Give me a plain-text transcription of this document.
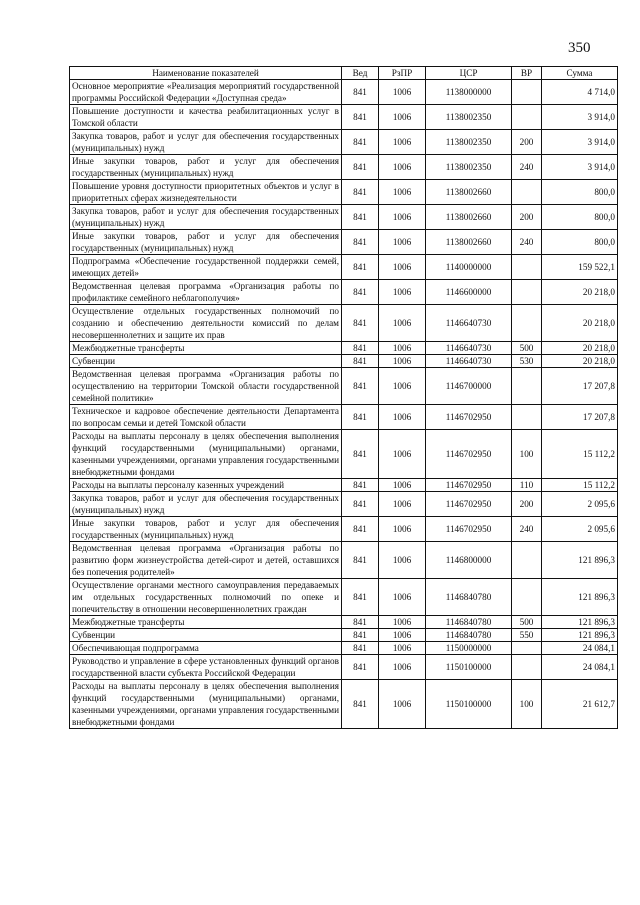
350
Наименование показателей	Вед	РзПР	ЦСР	ВР	Сумма
Основное мероприятие «Реализация мероприятий государственной программы Российской Федерации «Доступная среда»	841	1006	1138000000		4 714,0
Повышение доступности и качества реабилитационных услуг в Томской области	841	1006	1138002350		3 914,0
Закупка товаров, работ и услуг для обеспечения государственных (муниципальных) нужд	841	1006	1138002350	200	3 914,0
Иные закупки товаров, работ и услуг для обеспечения государственных (муниципальных) нужд	841	1006	1138002350	240	3 914,0
Повышение уровня доступности приоритетных объектов и услуг в приоритетных сферах жизнедеятельности	841	1006	1138002660		800,0
Закупка товаров, работ и услуг для обеспечения государственных (муниципальных) нужд	841	1006	1138002660	200	800,0
Иные закупки товаров, работ и услуг для обеспечения государственных (муниципальных) нужд	841	1006	1138002660	240	800,0
Подпрограмма «Обеспечение государственной поддержки семей, имеющих детей»	841	1006	1140000000		159 522,1
Ведомственная целевая программа «Организация работы по профилактике семейного неблагополучия»	841	1006	1146600000		20 218,0
Осуществление отдельных государственных полномочий по созданию и обеспечению деятельности комиссий по делам несовершеннолетних и защите их прав	841	1006	1146640730		20 218,0
Межбюджетные трансферты	841	1006	1146640730	500	20 218,0
Субвенции	841	1006	1146640730	530	20 218,0
Ведомственная целевая программа «Организация работы по осуществлению на территории Томской области государственной семейной политики»	841	1006	1146700000		17 207,8
Техническое и кадровое обеспечение деятельности Департамента по вопросам семьи и детей Томской области	841	1006	1146702950		17 207,8
Расходы на выплаты персоналу в целях обеспечения выполнения функций государственными (муниципальными) органами, казенными учреждениями, органами управления государственными внебюджетными фондами	841	1006	1146702950	100	15 112,2
Расходы на выплаты персоналу казенных учреждений	841	1006	1146702950	110	15 112,2
Закупка товаров, работ и услуг для обеспечения государственных (муниципальных) нужд	841	1006	1146702950	200	2 095,6
Иные закупки товаров, работ и услуг для обеспечения государственных (муниципальных) нужд	841	1006	1146702950	240	2 095,6
Ведомственная целевая программа «Организация работы по развитию форм жизнеустройства детей-сирот и детей, оставшихся без попечения родителей»	841	1006	1146800000		121 896,3
Осуществление органами местного самоуправления передаваемых им отдельных государственных полномочий по опеке и попечительству в отношении несовершеннолетних граждан	841	1006	1146840780		121 896,3
Межбюджетные трансферты	841	1006	1146840780	500	121 896,3
Субвенции	841	1006	1146840780	550	121 896,3
Обеспечивающая подпрограмма	841	1006	1150000000		24 084,1
Руководство и управление в сфере установленных функций органов государственной власти субъекта Российской Федерации	841	1006	1150100000		24 084,1
Расходы на выплаты персоналу в целях обеспечения выполнения функций государственными (муниципальными) органами, казенными учреждениями, органами управления государственными внебюджетными фондами	841	1006	1150100000	100	21 612,7
